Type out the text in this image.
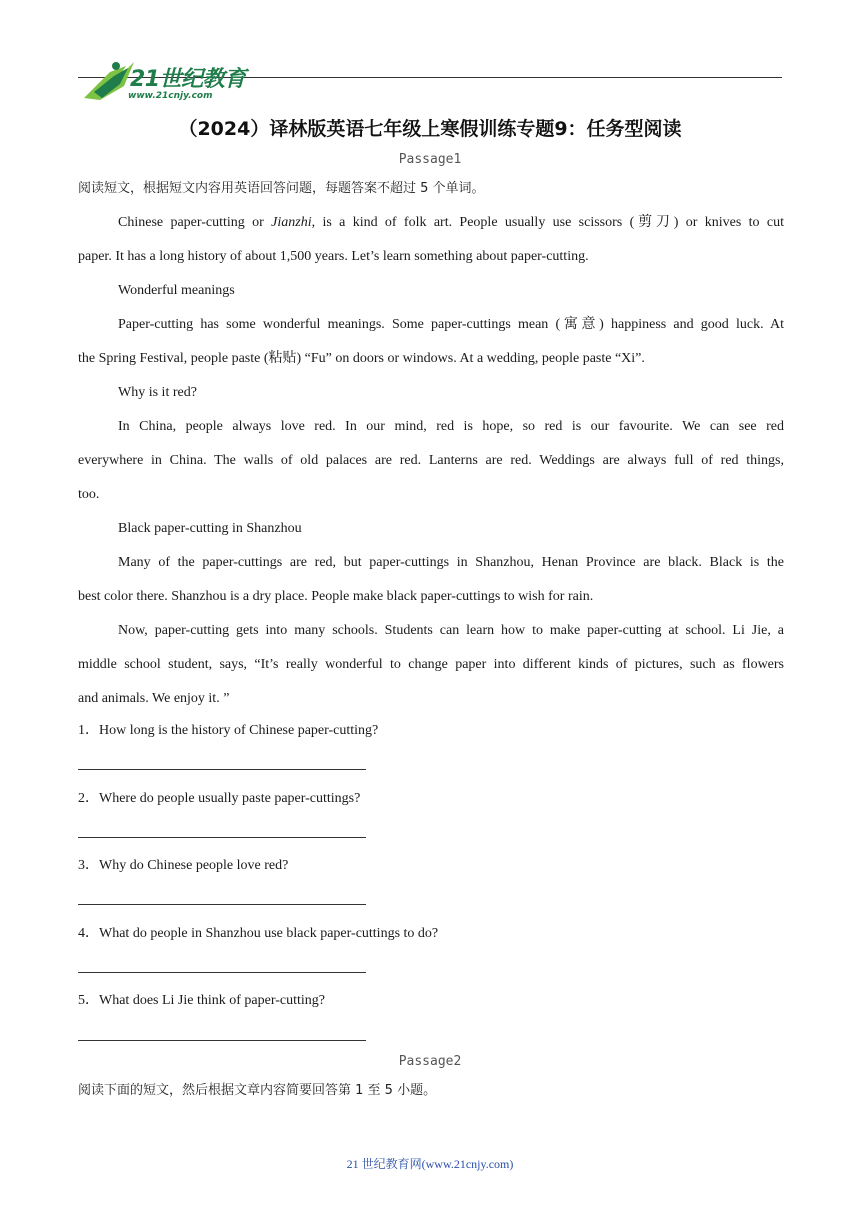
21世纪教育
www.21cnjy.com
（2024）译林版英语七年级上寒假训练专题9：任务型阅读
Passage1
阅读短文，根据短文内容用英语回答问题，每题答案不超过 5 个单词。
Chinese paper-cutting or Jianzhi, is a kind of folk art. People usually use scissors (剪刀) or knives to cut
paper. It has a long history of about 1,500 years. Let’s learn something about paper-cutting.
Wonderful meanings
Paper-cutting has some wonderful meanings. Some paper-cuttings mean (寓意) happiness and good luck. At
the Spring Festival, people paste (粘贴) “Fu” on doors or windows. At a wedding, people paste “Xi”.
Why is it red?
In China, people always love red. In our mind, red is hope, so red is our favourite. We can see red
everywhere in China. The walls of old palaces are red. Lanterns are red. Weddings are always full of red things,
too.
Black paper-cutting in Shanzhou
Many of the paper-cuttings are red, but paper-cuttings in Shanzhou, Henan Province are black. Black is the
best color there. Shanzhou is a dry place. People make black paper-cuttings to wish for rain.
Now, paper-cutting gets into many schools. Students can learn how to make paper-cutting at school. Li Jie, a
middle school student, says, “It’s really wonderful to change paper into different kinds of pictures, such as flowers
and animals. We enjoy it. ”
1．How long is the history of Chinese paper-cutting?
2．Where do people usually paste paper-cuttings?
3．Why do Chinese people love red?
4．What do people in Shanzhou use black paper-cuttings to do?
5．What does Li Jie think of paper-cutting?
Passage2
阅读下面的短文，然后根据文章内容简要回答第 1 至 5 小题。
21 世纪教育网(www.21cnjy.com)
